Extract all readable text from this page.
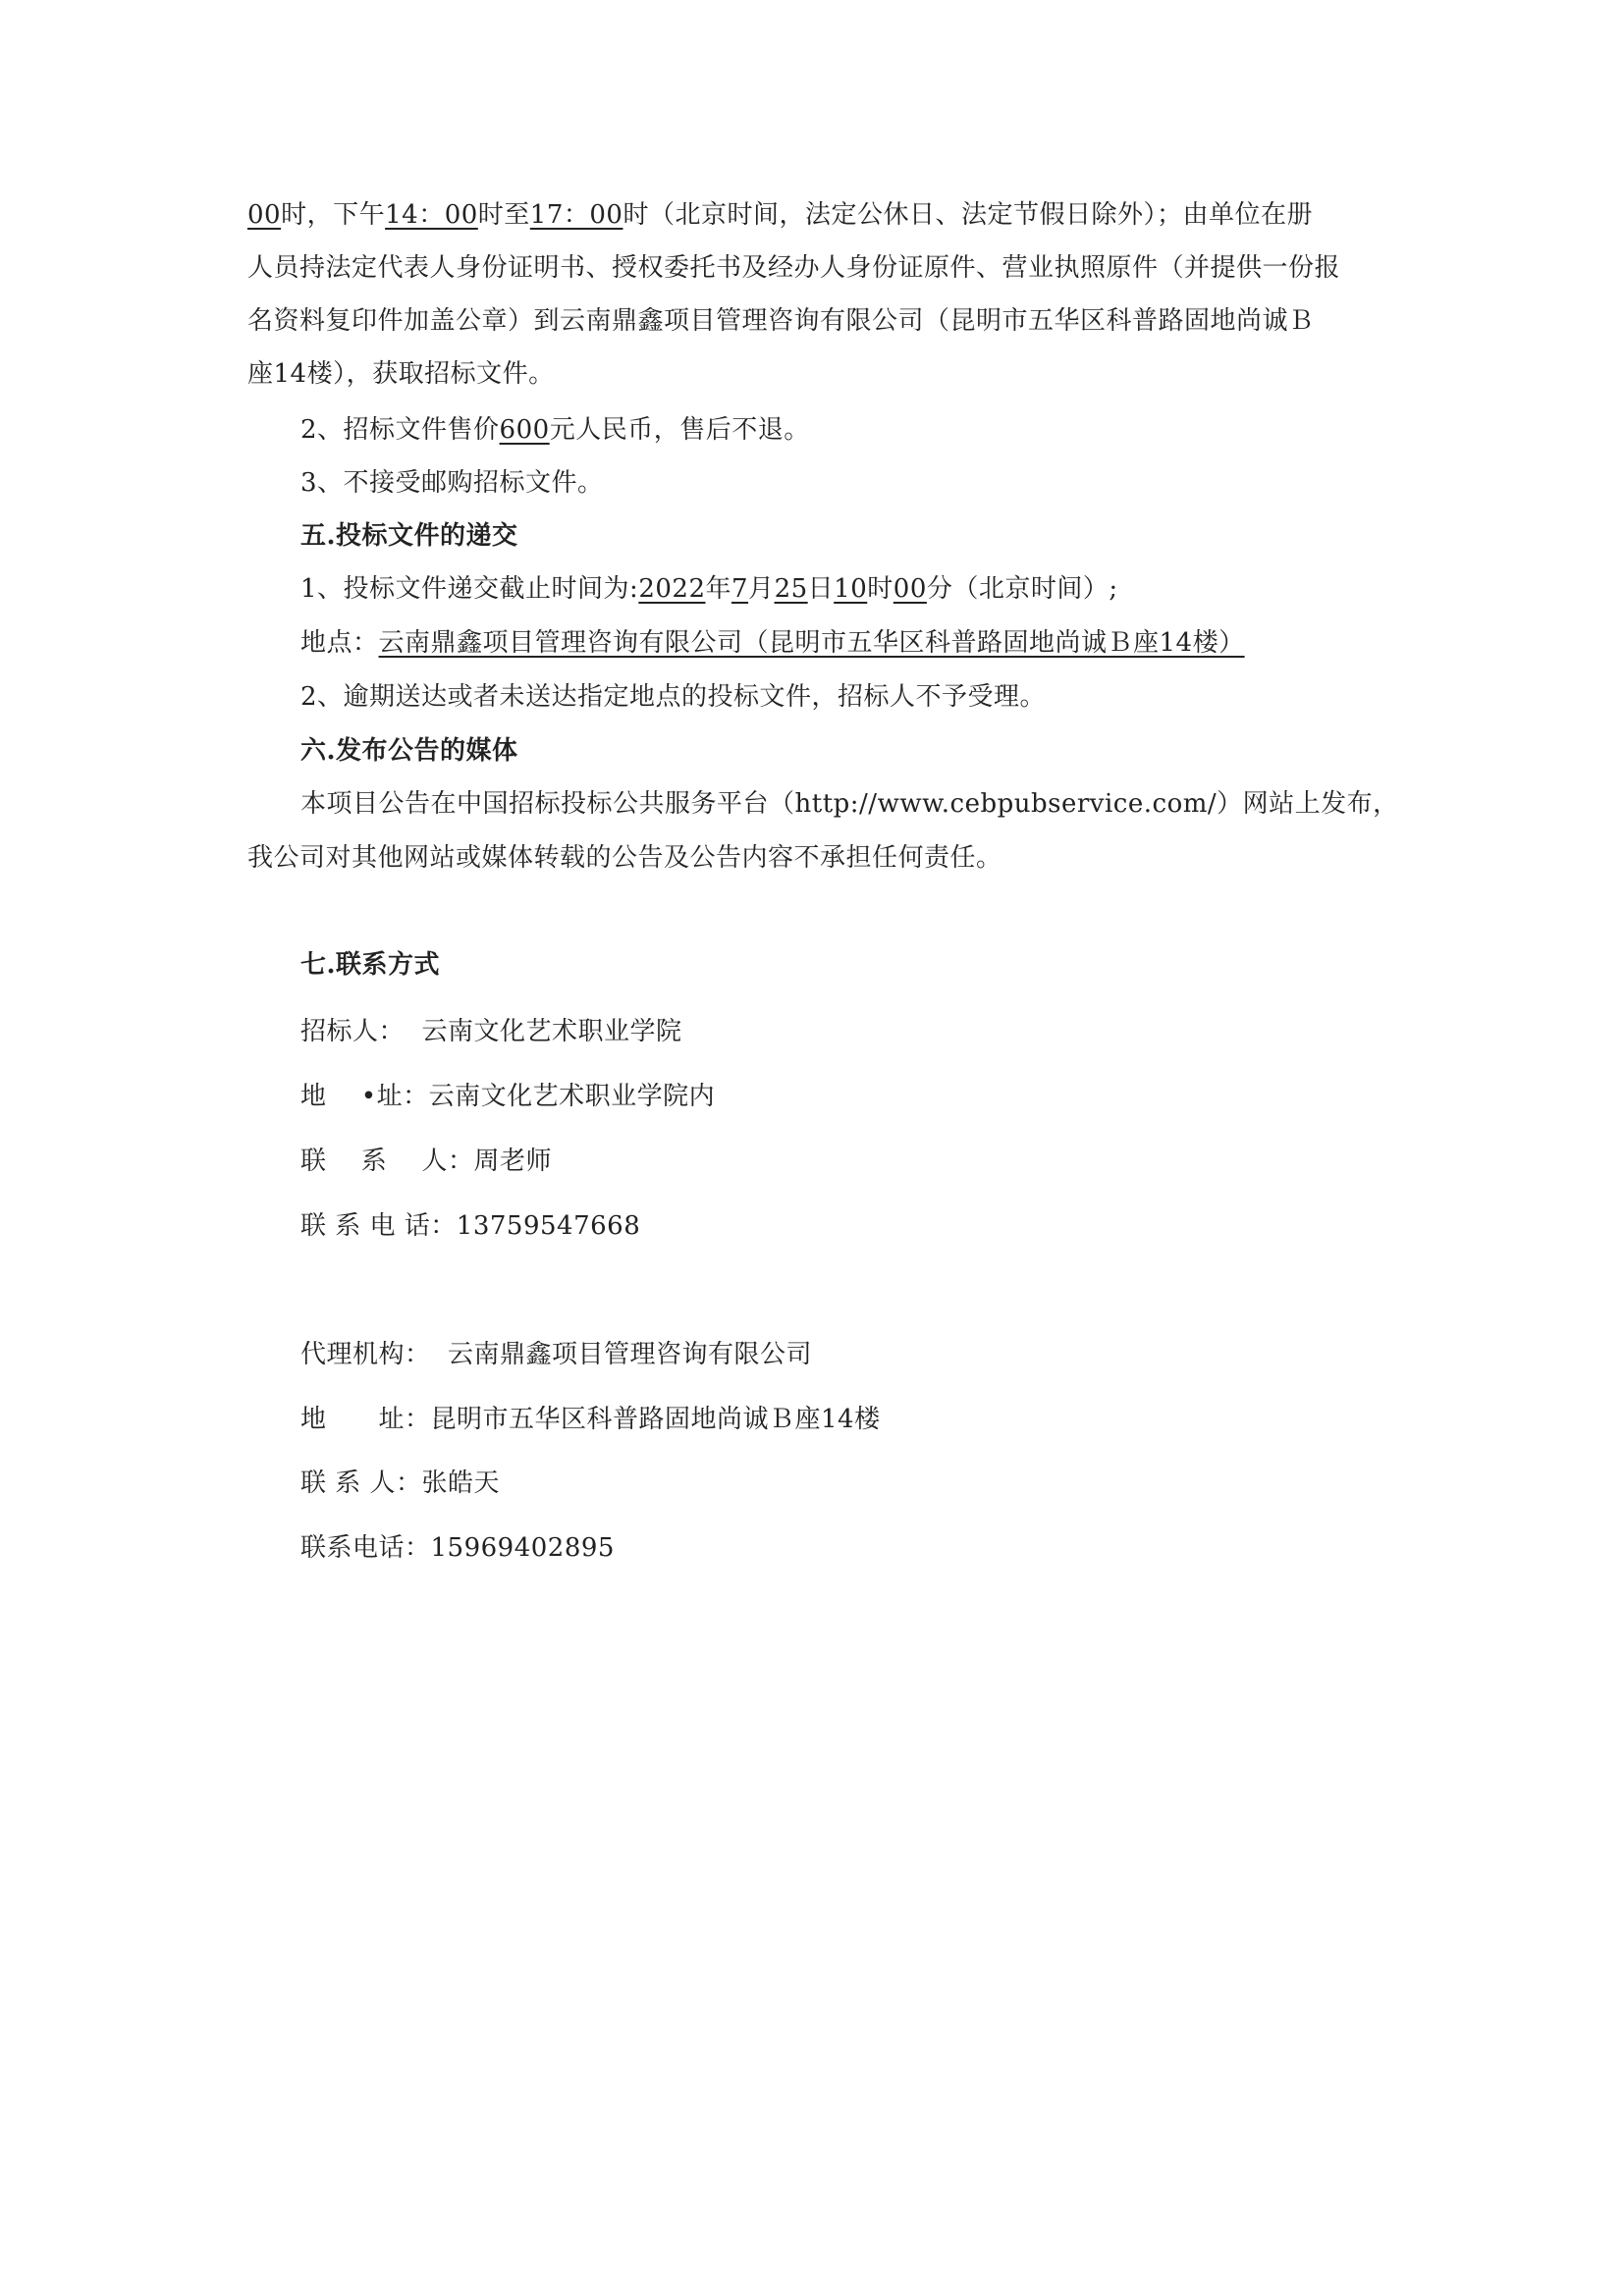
00时，下午14：00时至17：00时（北京时间，法定公休日、法定节假日除外）；由单位在册
人员持法定代表人身份证明书、授权委托书及经办人身份证原件、营业执照原件（并提供一份报
名资料复印件加盖公章）到云南鼎鑫项目管理咨询有限公司（昆明市五华区科普路固地尚诚Ｂ
座14楼），获取招标文件。
2、招标文件售价600元人民币，售后不退。
3、不接受邮购招标文件。
五.投标文件的递交
1、投标文件递交截止时间为:2022年7月25日10时00分（北京时间）;
地点：云南鼎鑫项目管理咨询有限公司（昆明市五华区科普路固地尚诚Ｂ座14楼）
2、逾期送达或者未送达指定地点的投标文件，招标人不予受理。
六.发布公告的媒体
本项目公告在中国招标投标公共服务平台（http://www.cebpubservice.com/）网站上发布，
我公司对其他网站或媒体转载的公告及公告内容不承担任何责任。
七.联系方式
招标人： 云南文化艺术职业学院
地　 •址：云南文化艺术职业学院内
联　 系　 人：周老师
联 系 电 话：13759547668
代理机构： 云南鼎鑫项目管理咨询有限公司
地　　址：昆明市五华区科普路固地尚诚Ｂ座14楼
联 系 人：张皓天
联系电话：15969402895
